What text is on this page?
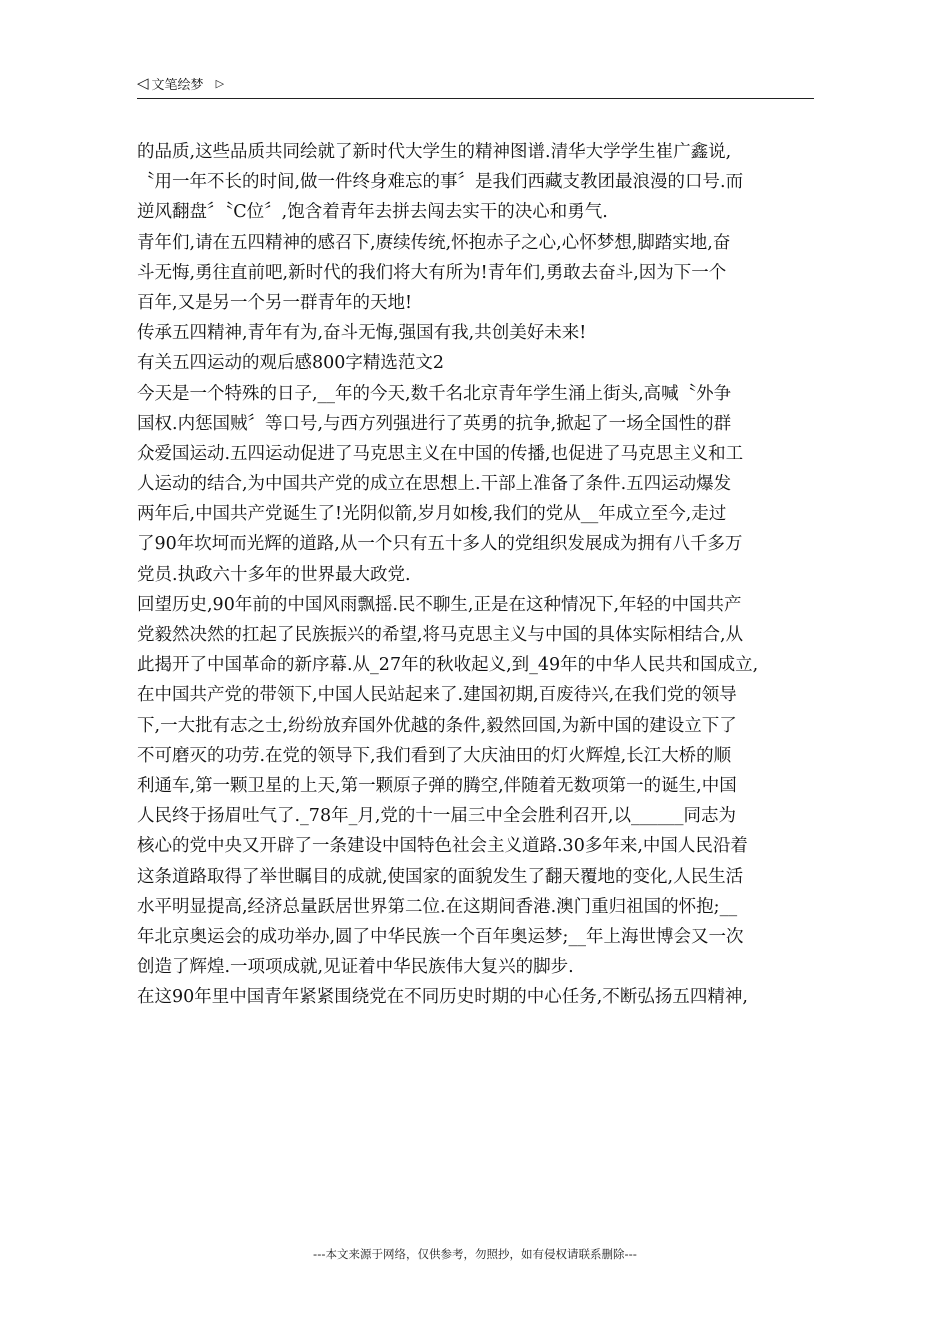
◁ 文笔绘梦 ▷
的品质,这些品质共同绘就了新时代大学生的精神图谱.清华大学学生崔广鑫说,
〝用一年不长的时间,做一件终身难忘的事〞是我们西藏支教团最浪漫的口号.而
逆风翻盘〞〝C位〞,饱含着青年去拼去闯去实干的决心和勇气.
青年们,请在五四精神的感召下,赓续传统,怀抱赤子之心,心怀梦想,脚踏实地,奋
斗无悔,勇往直前吧,新时代的我们将大有所为!青年们,勇敢去奋斗,因为下一个
百年,又是另一个另一群青年的天地!
传承五四精神,青年有为,奋斗无悔,强国有我,共创美好未来!
有关五四运动的观后感800字精选范文2
今天是一个特殊的日子,__年的今天,数千名北京青年学生涌上街头,高喊〝外争
国权.内惩国贼〞等口号,与西方列强进行了英勇的抗争,掀起了一场全国性的群
众爱国运动.五四运动促进了马克思主义在中国的传播,也促进了马克思主义和工
人运动的结合,为中国共产党的成立在思想上.干部上准备了条件.五四运动爆发
两年后,中国共产党诞生了!光阴似箭,岁月如梭,我们的党从__年成立至今,走过
了90年坎坷而光辉的道路,从一个只有五十多人的党组织发展成为拥有八千多万
党员.执政六十多年的世界最大政党.
回望历史,90年前的中国风雨飘摇.民不聊生,正是在这种情况下,年轻的中国共产
党毅然决然的扛起了民族振兴的希望,将马克思主义与中国的具体实际相结合,从
此揭开了中国革命的新序幕.从_27年的秋收起义,到_49年的中华人民共和国成立,
在中国共产党的带领下,中国人民站起来了.建国初期,百废待兴,在我们党的领导
下,一大批有志之士,纷纷放弃国外优越的条件,毅然回国,为新中国的建设立下了
不可磨灭的功劳.在党的领导下,我们看到了大庆油田的灯火辉煌,长江大桥的顺
利通车,第一颗卫星的上天,第一颗原子弹的腾空,伴随着无数项第一的诞生,中国
人民终于扬眉吐气了._78年_月,党的十一届三中全会胜利召开,以______同志为
核心的党中央又开辟了一条建设中国特色社会主义道路.30多年来,中国人民沿着
这条道路取得了举世瞩目的成就,使国家的面貌发生了翻天覆地的变化,人民生活
水平明显提高,经济总量跃居世界第二位.在这期间香港.澳门重归祖国的怀抱;__
年北京奥运会的成功举办,圆了中华民族一个百年奥运梦;__年上海世博会又一次
创造了辉煌.一项项成就,见证着中华民族伟大复兴的脚步.
在这90年里中国青年紧紧围绕党在不同历史时期的中心任务,不断弘扬五四精神,
---本文来源于网络，仅供参考，勿照抄，如有侵权请联系删除---
